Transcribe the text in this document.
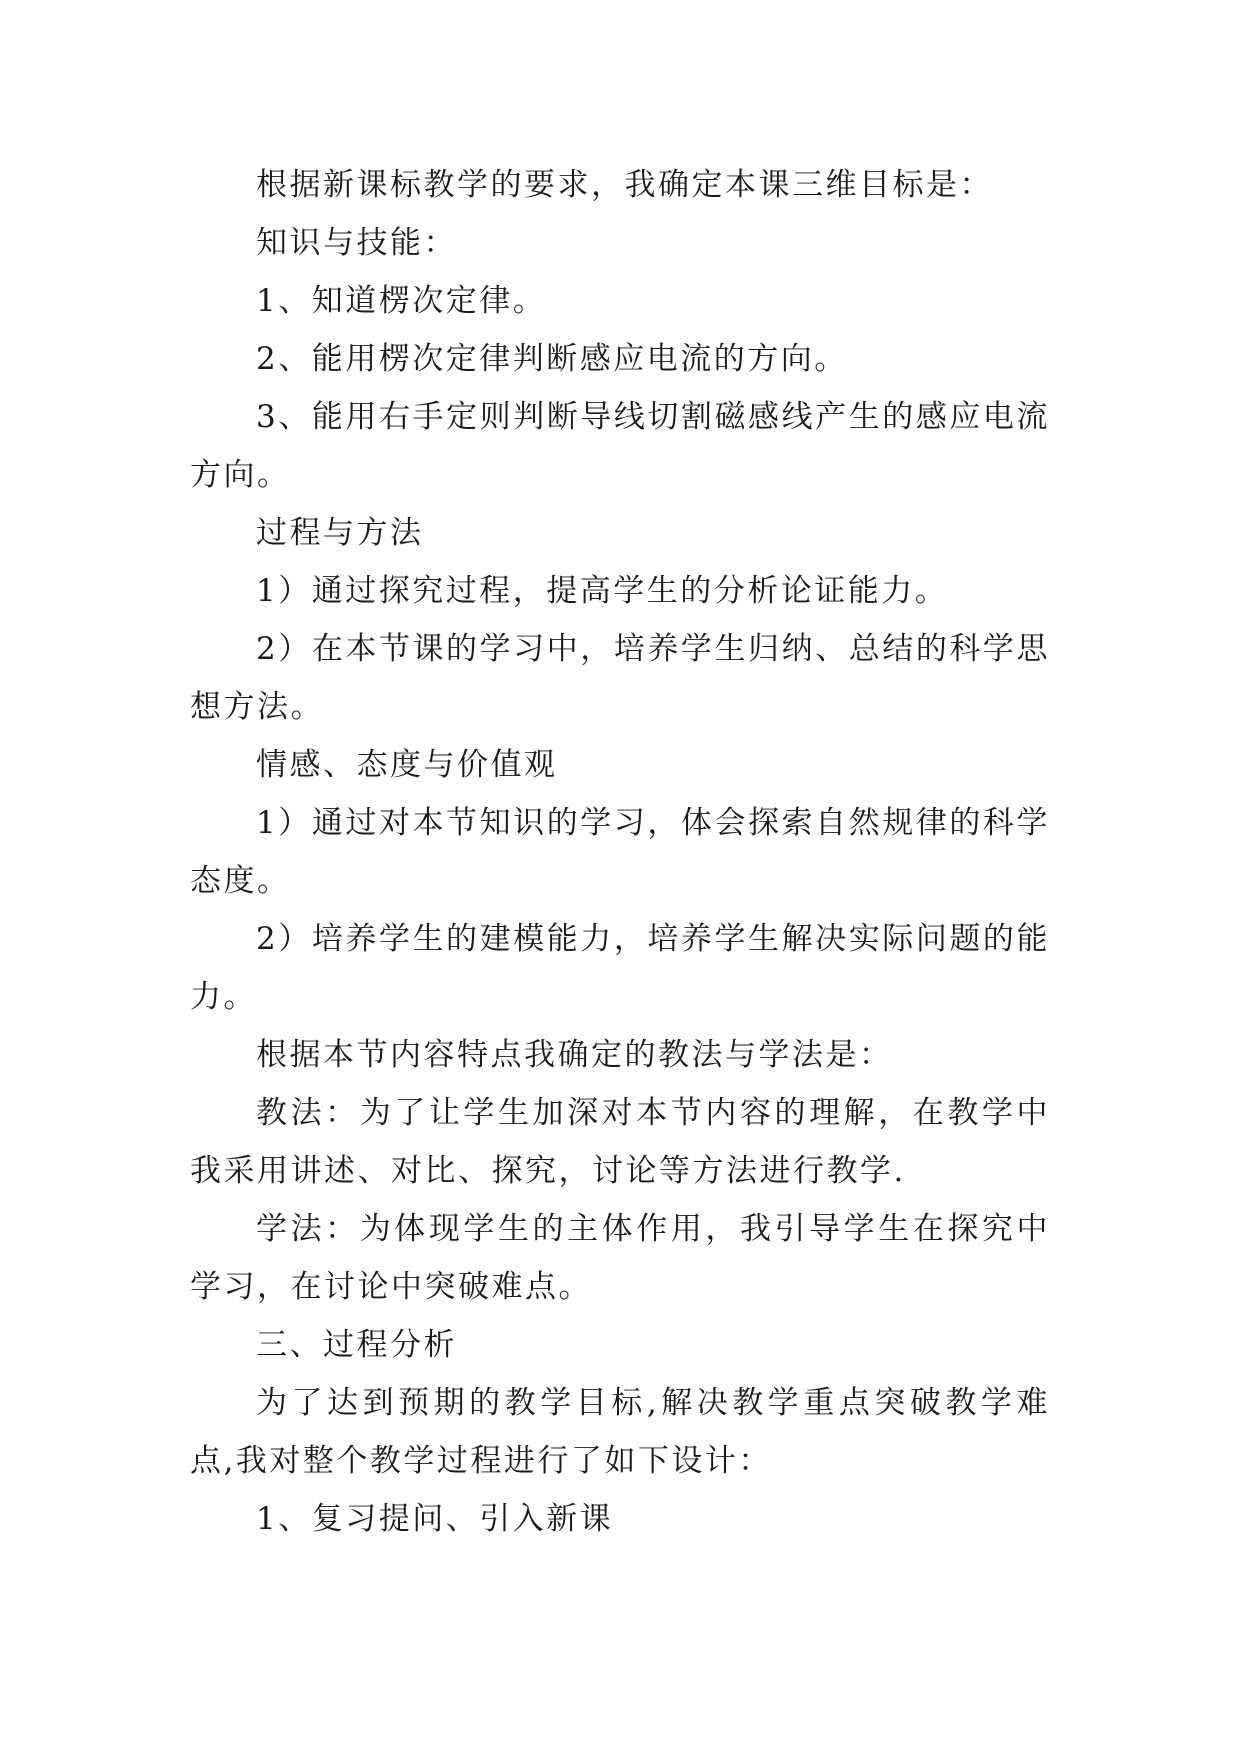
根据新课标教学的要求，我确定本课三维目标是：

知识与技能：

1、知道楞次定律。

2、能用楞次定律判断感应电流的方向。

3、能用右手定则判断导线切割磁感线产生的感应电流方向。

过程与方法

1）通过探究过程，提高学生的分析论证能力。

2）在本节课的学习中，培养学生归纳、总结的科学思想方法。

情感、态度与价值观

1）通过对本节知识的学习，体会探索自然规律的科学态度。

2）培养学生的建模能力，培养学生解决实际问题的能力。

根据本节内容特点我确定的教法与学法是：

教法：为了让学生加深对本节内容的理解，在教学中我采用讲述、对比、探究，讨论等方法进行教学.

学法：为体现学生的主体作用，我引导学生在探究中学习，在讨论中突破难点。

三、过程分析

为了达到预期的教学目标,解决教学重点突破教学难点,我对整个教学过程进行了如下设计：

1、复习提问、引入新课
